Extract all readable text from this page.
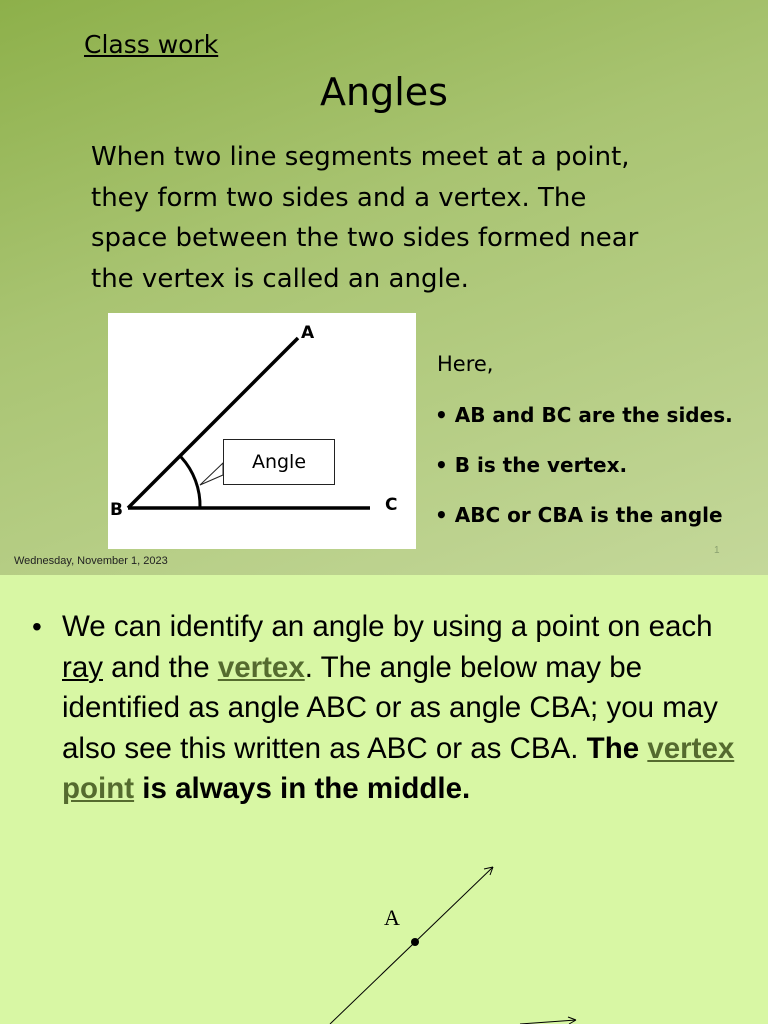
Class work
Angles
When two line segments meet at a point,
they form two sides and a vertex. The
space between the two sides formed near
the vertex is called an angle.
A
B	C
Angle
Here,
• AB and BC are the sides.
• B is the vertex.
• ABC or CBA is the angle
Wednesday, November 1, 2023
1
• We can identify an angle by using a point on each ray and the vertex. The angle below may be identified as angle ABC or as angle CBA; you may also see this written as ABC or as CBA. The vertex point is always in the middle.
A
